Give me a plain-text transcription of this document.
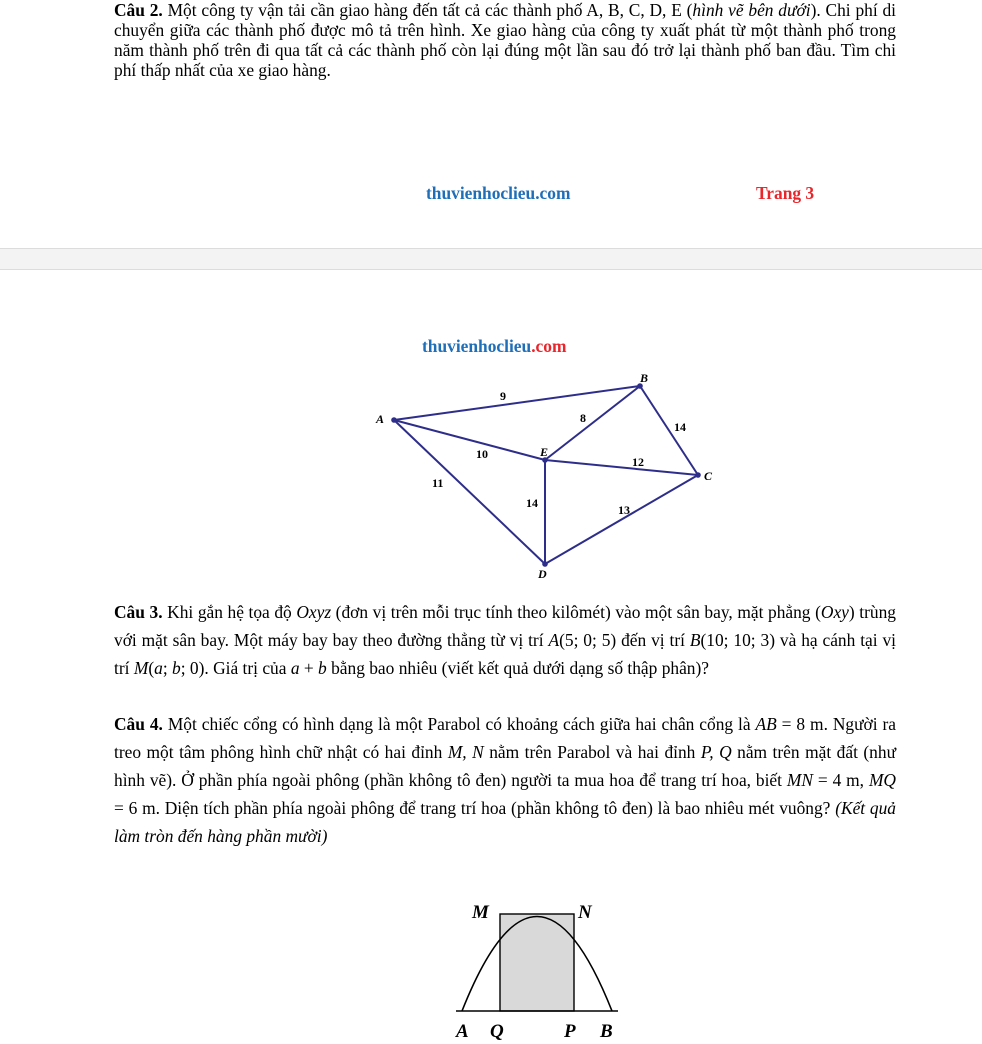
Câu 2. Một công ty vận tải cần giao hàng đến tất cả các thành phố A, B, C, D, E (hình vẽ bên dưới). Chi phí di chuyển giữa các thành phố được mô tả trên hình. Xe giao hàng của công ty xuất phát từ một thành phố trong năm thành phố trên đi qua tất cả các thành phố còn lại đúng một lần sau đó trở lại thành phố ban đầu. Tìm chi phí thấp nhất của xe giao hàng.

thuvienhoclieu.com	Trang 3
thuvienhoclieu.com
A
B
C
D
E
9
8
14
10
12
11
14	13

Câu 3. Khi gắn hệ tọa độ Oxyz (đơn vị trên mỗi trục tính theo kilômét) vào một sân bay, mặt phẳng (Oxy) trùng với mặt sân bay. Một máy bay bay theo đường thẳng từ vị trí A(5; 0; 5) đến vị trí B(10; 10; 3) và hạ cánh tại vị trí M(a; b; 0). Giá trị của a + b bằng bao nhiêu (viết kết quả dưới dạng số thập phân)?

Câu 4. Một chiếc cổng có hình dạng là một Parabol có khoảng cách giữa hai chân cổng là AB = 8 m. Người ra treo một tâm phông hình chữ nhật có hai đỉnh M, N nằm trên Parabol và hai đỉnh P, Q nằm trên mặt đất (như hình vẽ). Ở phần phía ngoài phông (phần không tô đen) người ta mua hoa để trang trí hoa, biết MN = 4 m, MQ = 6 m. Diện tích phần phía ngoài phông để trang trí hoa (phần không tô đen) là bao nhiêu mét vuông? (Kết quả làm tròn đến hàng phần mười)

M	N
A Q	P B
